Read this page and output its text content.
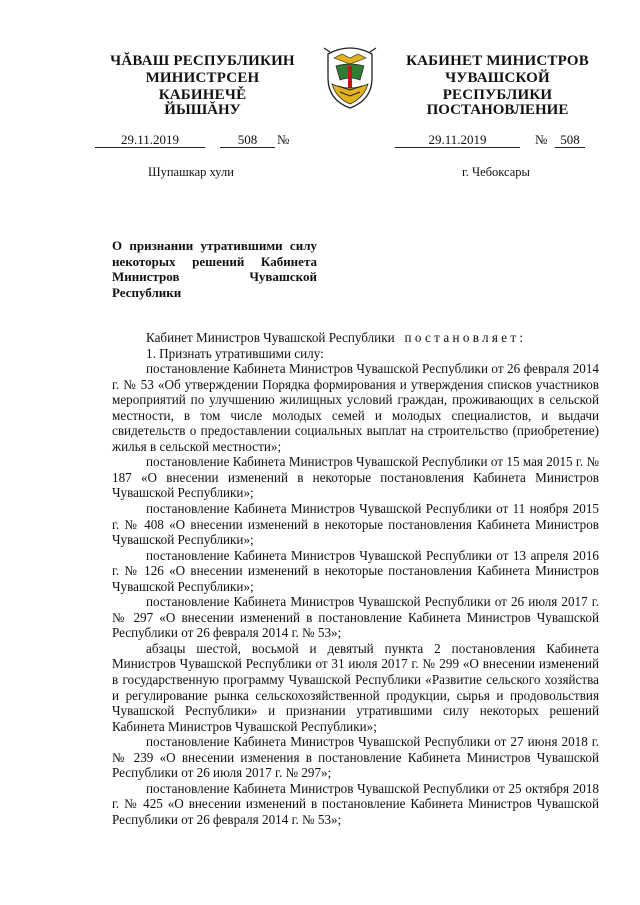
ЧĂВАШ РЕСПУБЛИКИН
МИНИСТРСЕН КАБИНЕЧĚ
КАБИНЕТ МИНИСТРОВ
ЧУВАШСКОЙ РЕСПУБЛИКИ
ЙЫШĂНУ	ПОСТАНОВЛЕНИЕ
29.11.2019	508	№	29.11.2019	№ 508
Шупашкар хули	г. Чебоксары
О признании утратившими силу некоторых решений Кабинета Министров Чувашской Республики

Кабинет Министров Чувашской Республики постановляет:

1. Признать утратившими силу:

постановление Кабинета Министров Чувашской Республики от 26 февраля 2014 г. № 53 «Об утверждении Порядка формирования и утверждения списков участников мероприятий по улучшению жилищных условий граждан, проживающих в сельской местности, в том числе молодых семей и молодых специалистов, и выдачи свидетельств о предоставлении социальных выплат на строительство (приобретение) жилья в сельской местности»;

постановление Кабинета Министров Чувашской Республики от 15 мая 2015 г. № 187 «О внесении изменений в некоторые постановления Кабинета Министров Чувашской Республики»;

постановление Кабинета Министров Чувашской Республики от 11 ноября 2015 г. № 408 «О внесении изменений в некоторые постановления Кабинета Министров Чувашской Республики»;

постановление Кабинета Министров Чувашской Республики от 13 апреля 2016 г. № 126 «О внесении изменений в некоторые постановления Кабинета Министров Чувашской Республики»;

постановление Кабинета Министров Чувашской Республики от 26 июля 2017 г. № 297 «О внесении изменений в постановление Кабинета Министров Чувашской Республики от 26 февраля 2014 г. № 53»;

абзацы шестой, восьмой и девятый пункта 2 постановления Кабинета Министров Чувашской Республики от 31 июля 2017 г. № 299 «О внесении изменений в государственную программу Чувашской Республики «Развитие сельского хозяйства и регулирование рынка сельскохозяйственной продукции, сырья и продовольствия Чувашской Республики» и признании утратившими силу некоторых решений Кабинета Министров Чувашской Республики»;

постановление Кабинета Министров Чувашской Республики от 27 июня 2018 г. № 239 «О внесении изменения в постановление Кабинета Министров Чувашской Республики от 26 июля 2017 г. № 297»;

постановление Кабинета Министров Чувашской Республики от 25 октября 2018 г. № 425 «О внесении изменений в постановление Кабинета Министров Чувашской Республики от 26 февраля 2014 г. № 53»;
